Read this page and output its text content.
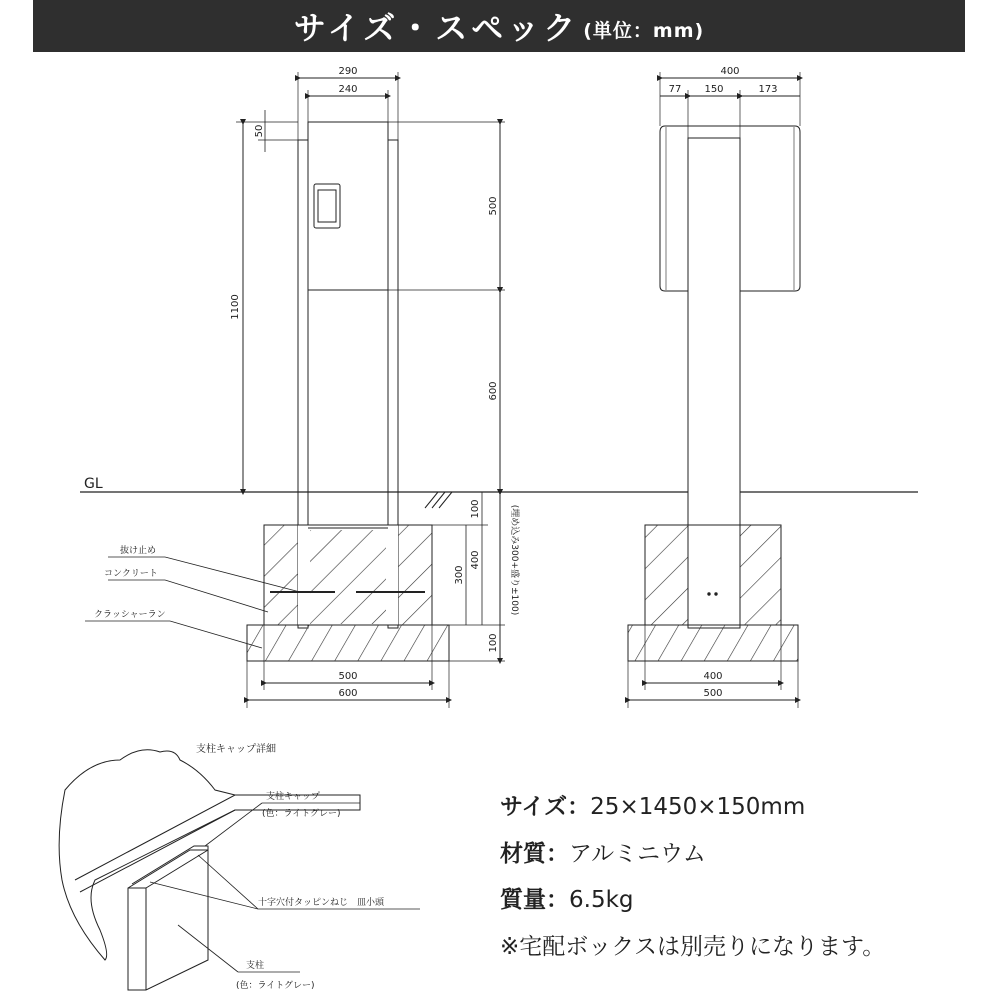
サイズ・スペック (単位：mm)
290
240
50
1100
500
600
100
400
300
100
(埋め込み300+盛り±100)
500
600
GL
抜け止め
コンクリート
クラッシャーラン
400
77 150	173
400
500
支柱キャップ詳細
支柱キャップ
(色：ライトグレー)
十字穴付タッピンねじ　皿小頭
支柱
(色：ライトグレー)
サイズ：25×1450×150mm
材質：アルミニウム
質量：6.5kg
※宅配ボックスは別売りになります。
